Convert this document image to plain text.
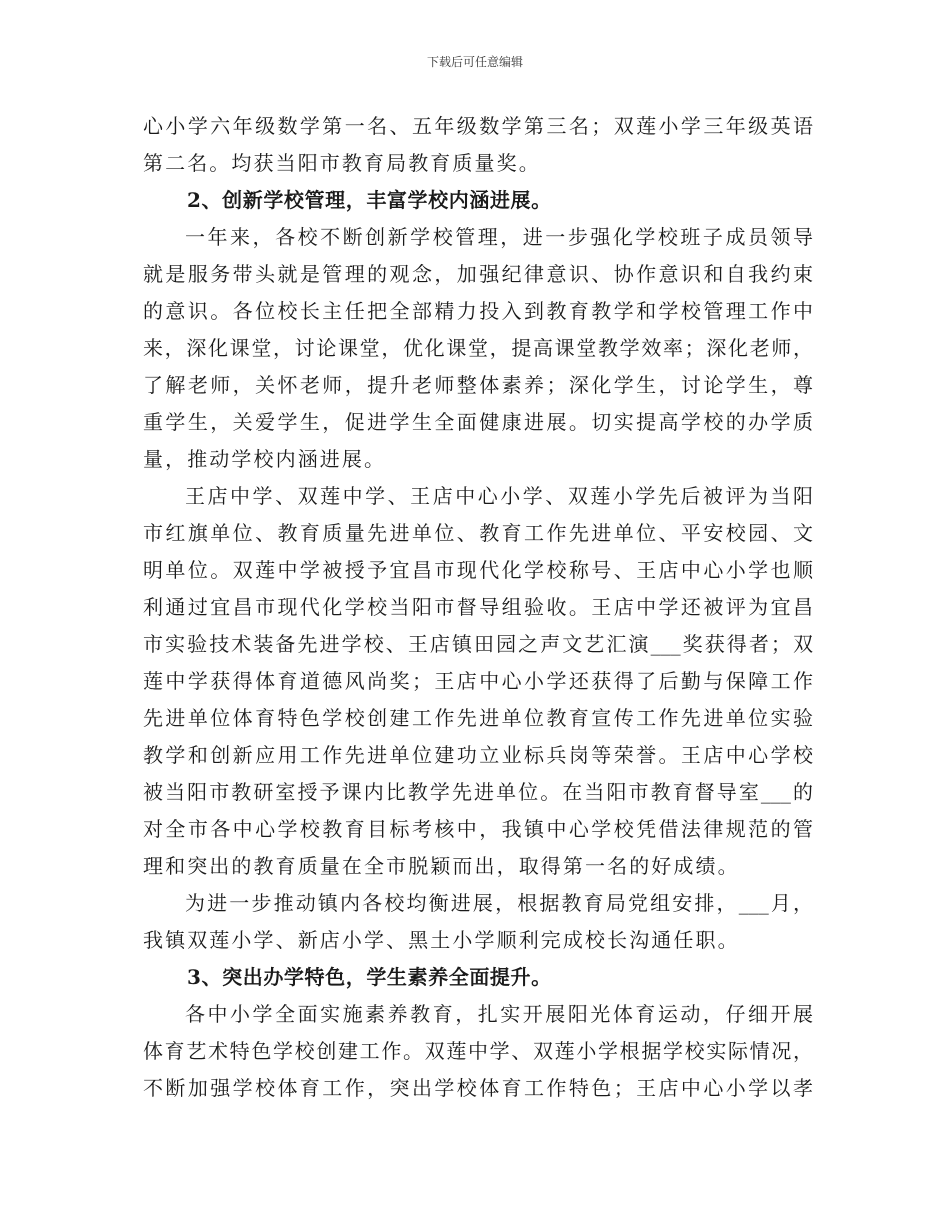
下载后可任意编辑
心小学六年级数学第一名、五年级数学第三名；双莲小学三年级英语
第二名。均获当阳市教育局教育质量奖。
2、创新学校管理，丰富学校内涵进展。
一年来，各校不断创新学校管理，进一步强化学校班子成员领导
就是服务带头就是管理的观念，加强纪律意识、协作意识和自我约束
的意识。各位校长主任把全部精力投入到教育教学和学校管理工作中
来，深化课堂，讨论课堂，优化课堂，提高课堂教学效率；深化老师，
了解老师，关怀老师，提升老师整体素养；深化学生，讨论学生，尊
重学生，关爱学生，促进学生全面健康进展。切实提高学校的办学质
量，推动学校内涵进展。
王店中学、双莲中学、王店中心小学、双莲小学先后被评为当阳
市红旗单位、教育质量先进单位、教育工作先进单位、平安校园、文
明单位。双莲中学被授予宜昌市现代化学校称号、王店中心小学也顺
利通过宜昌市现代化学校当阳市督导组验收。王店中学还被评为宜昌
市实验技术装备先进学校、王店镇田园之声文艺汇演___奖获得者；双
莲中学获得体育道德风尚奖；王店中心小学还获得了后勤与保障工作
先进单位体育特色学校创建工作先进单位教育宣传工作先进单位实验
教学和创新应用工作先进单位建功立业标兵岗等荣誉。王店中心学校
被当阳市教研室授予课内比教学先进单位。在当阳市教育督导室___的
对全市各中心学校教育目标考核中，我镇中心学校凭借法律规范的管
理和突出的教育质量在全市脱颖而出，取得第一名的好成绩。
为进一步推动镇内各校均衡进展，根据教育局党组安排，___月，
我镇双莲小学、新店小学、黑土小学顺利完成校长沟通任职。
3、突出办学特色，学生素养全面提升。
各中小学全面实施素养教育，扎实开展阳光体育运动，仔细开展
体育艺术特色学校创建工作。双莲中学、双莲小学根据学校实际情况，
不断加强学校体育工作，突出学校体育工作特色；王店中心小学以孝
